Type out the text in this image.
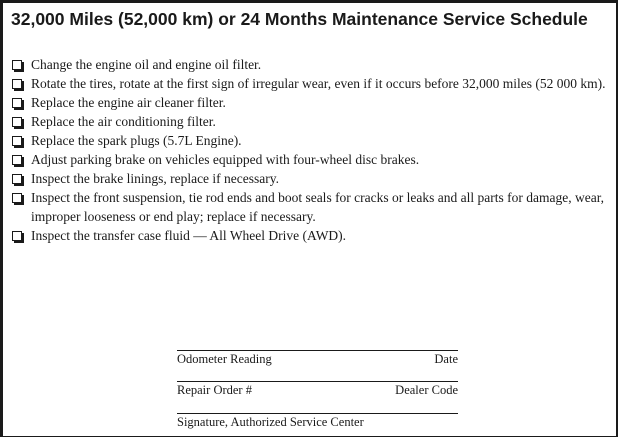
32,000 Miles (52,000 km) or 24 Months Maintenance Service Schedule
Change the engine oil and engine oil filter.
Rotate the tires, rotate at the first sign of irregular wear, even if it occurs before 32,000 miles (52 000 km).
Replace the engine air cleaner filter.
Replace the air conditioning filter.
Replace the spark plugs (5.7L Engine).
Adjust parking brake on vehicles equipped with four-wheel disc brakes.
Inspect the brake linings, replace if necessary.
Inspect the front suspension, tie rod ends and boot seals for cracks or leaks and all parts for damage, wear, improper looseness or end play; replace if necessary.
Inspect the transfer case fluid — All Wheel Drive (AWD).
Odometer Reading	Date
Repair Order #	Dealer Code
Signature, Authorized Service Center
